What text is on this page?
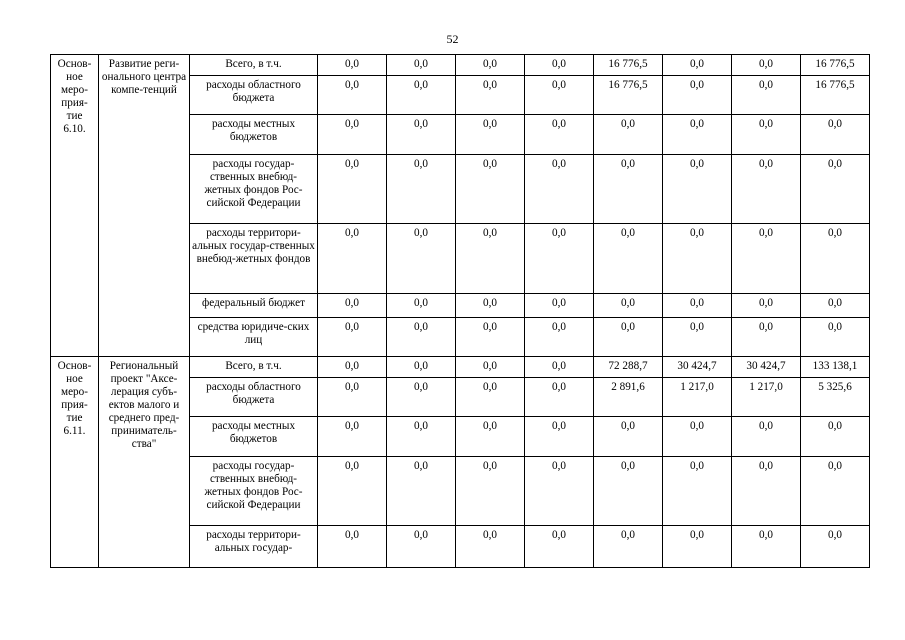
52
Основ-ное меро-прия-тие 6.10.	Развитие реги-онального центра компе-тенций	Всего, в т.ч.	0,0	0,0	0,0	0,0	16 776,5	0,0	0,0	16 776,5
		расходы областного бюджета	0,0	0,0	0,0	0,0	16 776,5	0,0	0,0	16 776,5
		расходы местных бюджетов	0,0	0,0	0,0	0,0	0,0	0,0	0,0	0,0
		расходы государ-ственных внебюд-жетных фондов Рос-сийской Федерации	0,0	0,0	0,0	0,0	0,0	0,0	0,0	0,0
		расходы территори-альных государ-ственных внебюд-жетных фондов	0,0	0,0	0,0	0,0	0,0	0,0	0,0	0,0
		федеральный бюджет	0,0	0,0	0,0	0,0	0,0	0,0	0,0	0,0
		средства юридиче-ских лиц	0,0	0,0	0,0	0,0	0,0	0,0	0,0	0,0

Основ-ное меро-прия-тие 6.11.	Региональный проект "Аксе-лерация субъ-ектов малого и среднего пред-приниматель-ства"	Всего, в т.ч.	0,0	0,0	0,0	0,0	72 288,7	30 424,7	30 424,7	133 138,1
		расходы областного бюджета	0,0	0,0	0,0	0,0	2 891,6	1 217,0	1 217,0	5 325,6
		расходы местных бюджетов	0,0	0,0	0,0	0,0	0,0	0,0	0,0	0,0
		расходы государ-ственных внебюд-жетных фондов Рос-сийской Федерации	0,0	0,0	0,0	0,0	0,0	0,0	0,0	0,0
		расходы территори-альных государ-	0,0	0,0	0,0	0,0	0,0	0,0	0,0	0,0
